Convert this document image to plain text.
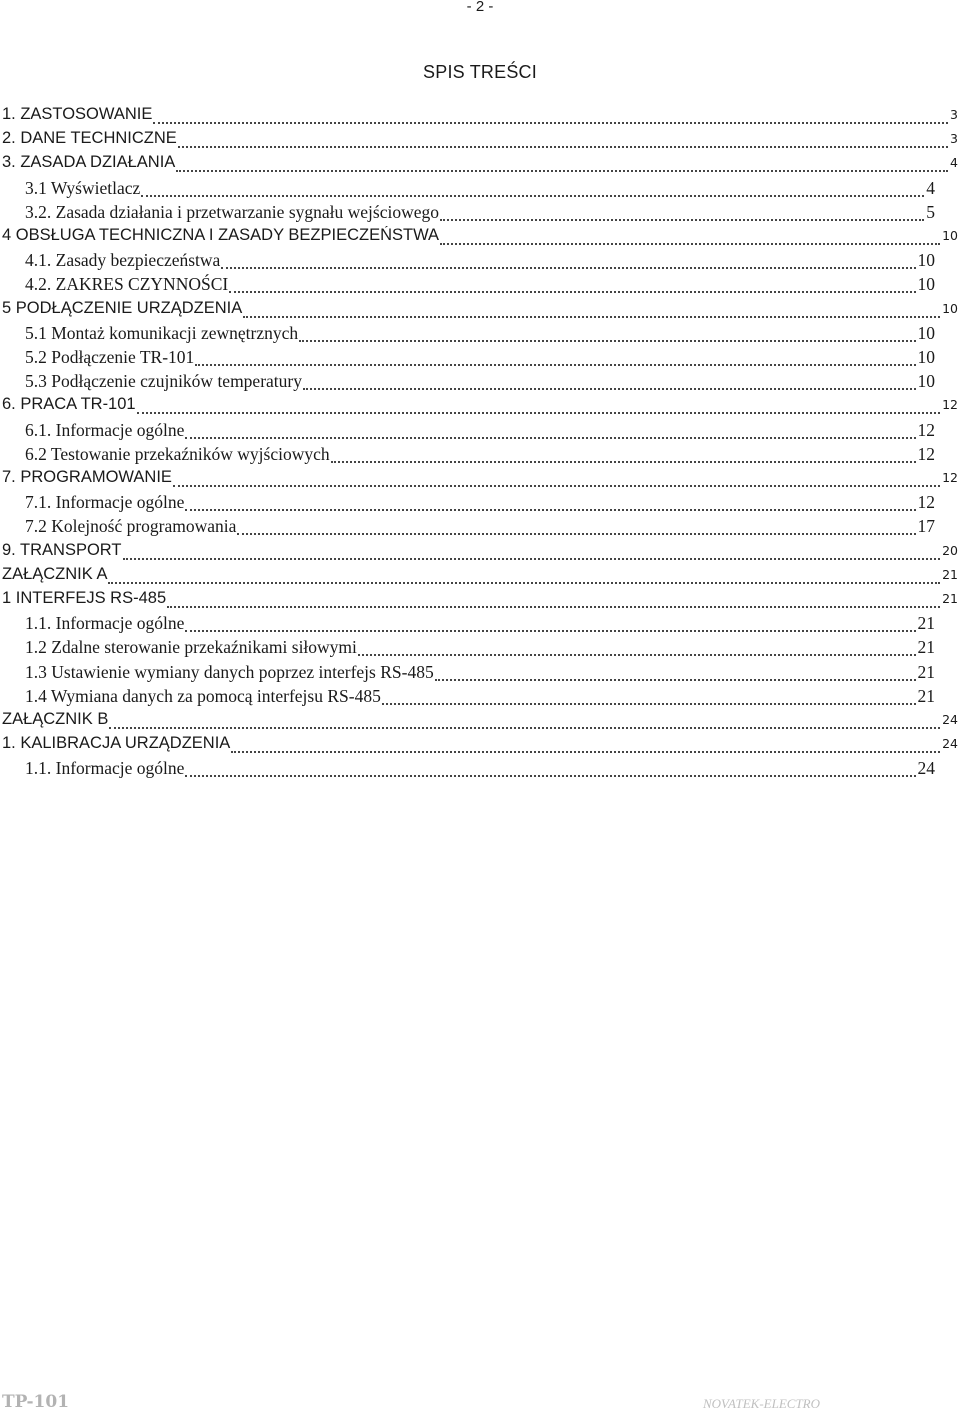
- 2 -
SPIS TREŚCI
1. ZASTOSOWANIE	3
2. DANE TECHNICZNE	3
3. ZASADA DZIAŁANIA	4
3.1 Wyświetlacz	4
3.2. Zasada działania i przetwarzanie sygnału wejściowego	5
4 OBSŁUGA TECHNICZNA I ZASADY BEZPIECZEŃSTWA	10
4.1. Zasady bezpieczeństwa	10
4.2. ZAKRES CZYNNOŚCI	10
5 PODŁĄCZENIE URZĄDZENIA	10
5.1 Montaż komunikacji zewnętrznych	10
5.2 Podłączenie TR-101	10
5.3 Podłączenie czujników temperatury	10
6. PRACA TR-101	12
6.1. Informacje ogólne	12
6.2 Testowanie przekaźników wyjściowych	12
7. PROGRAMOWANIE	12
7.1. Informacje ogólne	12
7.2 Kolejność programowania	17
9. TRANSPORT	20
ZAŁĄCZNIK A	21
1 INTERFEJS RS-485	21
1.1. Informacje ogólne	21
1.2 Zdalne sterowanie przekaźnikami siłowymi	21
1.3 Ustawienie wymiany danych poprzez interfejs RS-485	21
1.4 Wymiana danych za pomocą interfejsu RS-485	21
ZAŁĄCZNIK B	24
1. KALIBRACJA URZĄDZENIA	24
1.1. Informacje ogólne	24
TP-101	NOVATEK-ELECTRO
